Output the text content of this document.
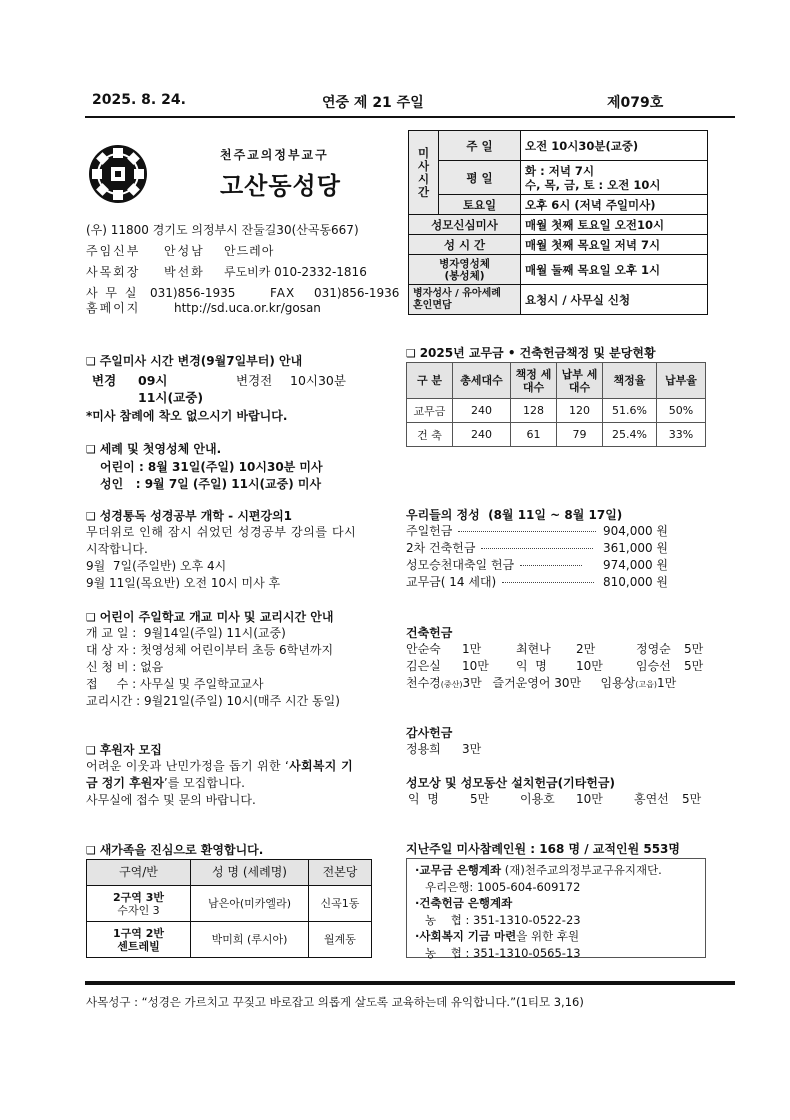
2025. 8. 24.	연중 제 21 주일	제079호
천주교의정부교구
고산동성당
(우) 11800 경기도 의정부시 잔둘길30(산곡동667)
주임신부 안성남 안드레아
사목회장 박선화 루도비카 010-2332-1816
사 무 실 031)856-1935	FAX 031)856-1936
홈페이지	http://sd.uca.or.kr/gosan
미
사
시
간	주 일	오전 10시30분(교중)
	평 일	화 : 저녁 7시
수, 목, 금, 토 : 오전 10시

	토요일	오후 6시 (저녁 주일미사)
성모신심미사		매월 첫째 토요일 오전10시
성 시 간		매월 첫째 목요일 저녁 7시

병자영성체
(봉성체)		매월 둘째 목요일 오후 1시

병자성사 / 유아세례
혼인면담		요청시 / 사무실 신청
❑ 주일미사 시간 변경(9월7일부터) 안내
변경 09시	변경전 10시30분
11시(교중)
*미사 참례에 착오 없으시기 바랍니다.
❑ 세례 및 첫영성체 안내.
어린이 : 8월 31일(주일) 10시30분 미사
성인   : 9월 7일 (주일) 11시(교중) 미사
❑ 성경통독 성경공부 개학 - 시편강의1
무더위로 인해 잠시 쉬었던 성경공부 강의를 다시
시작합니다.
9월  7일(주일반) 오후 4시
9월 11일(목요반) 오전 10시 미사 후
❑ 어린이 주일학교 개교 미사 및 교리시간 안내
개 교 일 :  9월14일(주일) 11시(교중)
대 상 자 : 첫영성체 어린이부터 초등 6학년까지
신 청 비 : 없음
접     수 : 사무실 및 주일학교교사
교리시간 : 9월21일(주일) 10시(매주 시간 동일)
❑ 후원자 모집
어려운 이웃과 난민가정을 돕기 위한 ‘사회복지 기
금 정기 후원자’를 모집합니다.
사무실에 접수 및 문의 바랍니다.
❑ 새가족을 진심으로 환영합니다.
구역/반	성 명 (세례명)	전본당
2구역 3반
수자인 3	남은아(미카엘라)	신곡1동
1구역 2반
센트레빌	박미희 (루시아)	월계동
❑ 2025년 교무금 • 건축헌금책정 및 분당현황
구 분	총세대수	책정 세대수	납부 세대수	책정율	납부율
교무금	240	128	120	51.6%	50%
건 축	240	61	79	25.4%	33%
우리들의 정성 (8월 11일 ~ 8월 17일)
주일헌금	904,000 원
2차 건축헌금	361,000 원
성모승천대축일 헌금	974,000 원
교무금( 14 세대)	810,000 원
건축헌금
안순숙 1만	최현나 2만	정영순 5만
김은실 10만 익  명 10만	임승선 5만
천수경(중산)3만 즐거운영어 30만 임용상(고읍)1만
감사헌금
정용희 3만
성모상 및 성모동산 설치헌금(기타헌금)
익  명	5만	이용호 10만	홍연선 5만
지난주일 미사참례인원 : 168 명 / 교적인원 553명
·교무금 은행계좌 (재)천주교의정부교구유지재단.
우리은행: 1005-604-609172
·건축헌금 은행계좌
농    협 : 351-1310-0522-23
·사회복지 기금 마련을 위한 후원
농    협 : 351-1310-0565-13
사목성구 : “성경은 가르치고 꾸짖고 바로잡고 의롭게 살도록 교육하는데 유익합니다.”(1티모 3,16)
